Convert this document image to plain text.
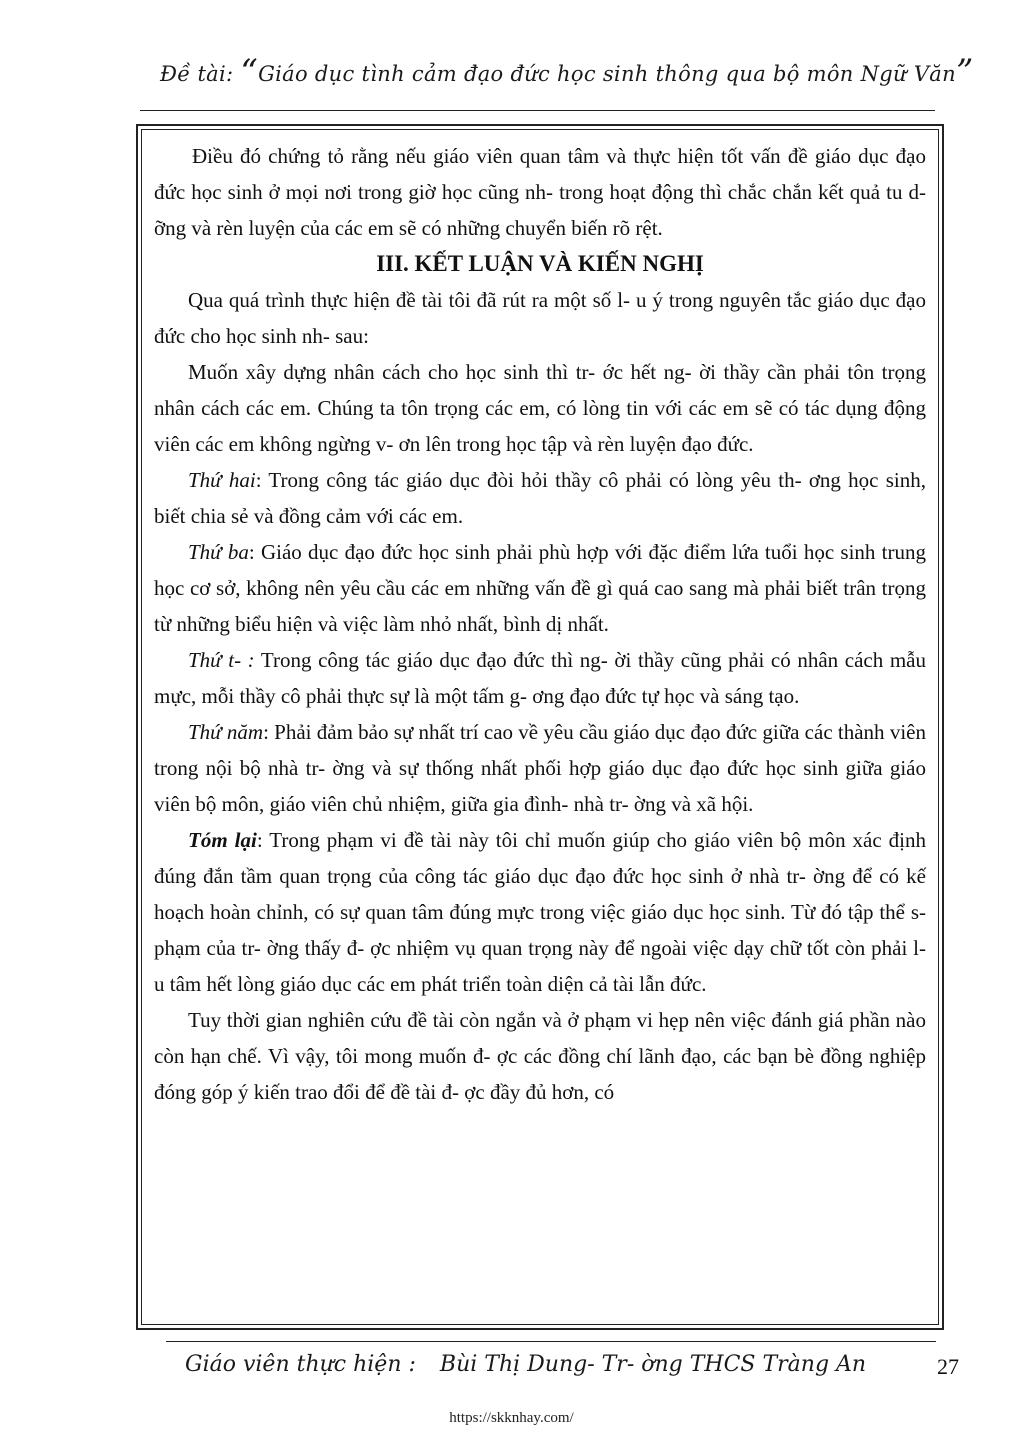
Đề tài: “Giáo dục tình cảm đạo đức học sinh thông qua bộ môn Ngữ Văn”

Điều đó chứng tỏ rằng nếu giáo viên quan tâm và thực hiện tốt vấn đề giáo dục đạo đức học sinh ở mọi nơi trong giờ học cũng nh- trong hoạt động thì chắc chắn kết quả tu d- ỡng và rèn luyện của các em sẽ có những chuyển biến rõ rệt.

III. KẾT LUẬN VÀ KIẾN NGHỊ

Qua quá trình thực hiện đề tài tôi đã rút ra một số l- u ý trong nguyên tắc giáo dục đạo đức cho học sinh nh- sau:

Muốn xây dựng nhân cách cho học sinh thì tr- ớc hết ng- ời thầy cần phải tôn trọng nhân cách các em. Chúng ta tôn trọng các em, có lòng tin với các em sẽ có tác dụng động viên các em không ngừng v- ơn lên trong học tập và rèn luyện đạo đức.

Thứ hai: Trong công tác giáo dục đòi hỏi thầy cô phải có lòng yêu th- ơng học sinh, biết chia sẻ và đồng cảm với các em.

Thứ ba: Giáo dục đạo đức học sinh phải phù hợp với đặc điểm lứa tuổi học sinh trung học cơ sở, không nên yêu cầu các em những vấn đề gì quá cao sang mà phải biết trân trọng từ những biểu hiện và việc làm nhỏ nhất, bình dị nhất.

Thứ t- : Trong công tác giáo dục đạo đức thì ng- ời thầy cũng phải có nhân cách mẫu mực, mỗi thầy cô phải thực sự là một tấm g- ơng đạo đức tự học và sáng tạo.

Thứ năm: Phải đảm bảo sự nhất trí cao về yêu cầu giáo dục đạo đức giữa các thành viên trong nội bộ nhà tr- ờng và sự thống nhất phối hợp giáo dục đạo đức học sinh giữa giáo viên bộ môn, giáo viên chủ nhiệm, giữa gia đình- nhà tr- ờng và xã hội.

Tóm lại: Trong phạm vi đề tài này tôi chỉ muốn giúp cho giáo viên bộ môn xác định đúng đắn tầm quan trọng của công tác giáo dục đạo đức học sinh ở nhà tr- ờng để có kế hoạch hoàn chỉnh, có sự quan tâm đúng mực trong việc giáo dục học sinh. Từ đó tập thể s- phạm của tr- ờng thấy đ- ợc nhiệm vụ quan trọng này để ngoài việc dạy chữ tốt còn phải l- u tâm hết lòng giáo dục các em phát triển toàn diện cả tài lẫn đức.

Tuy thời gian nghiên cứu đề tài còn ngắn và ở phạm vi hẹp nên việc đánh giá phần nào còn hạn chế. Vì vậy, tôi mong muốn đ- ợc các đồng chí lãnh đạo, các bạn bè đồng nghiệp đóng góp ý kiến trao đổi để đề tài đ- ợc đầy đủ hơn, có

Giáo viên thực hiện : Bùi Thị Dung- Tr- ờng THCS Tràng An	27
https://skknhay.com/
